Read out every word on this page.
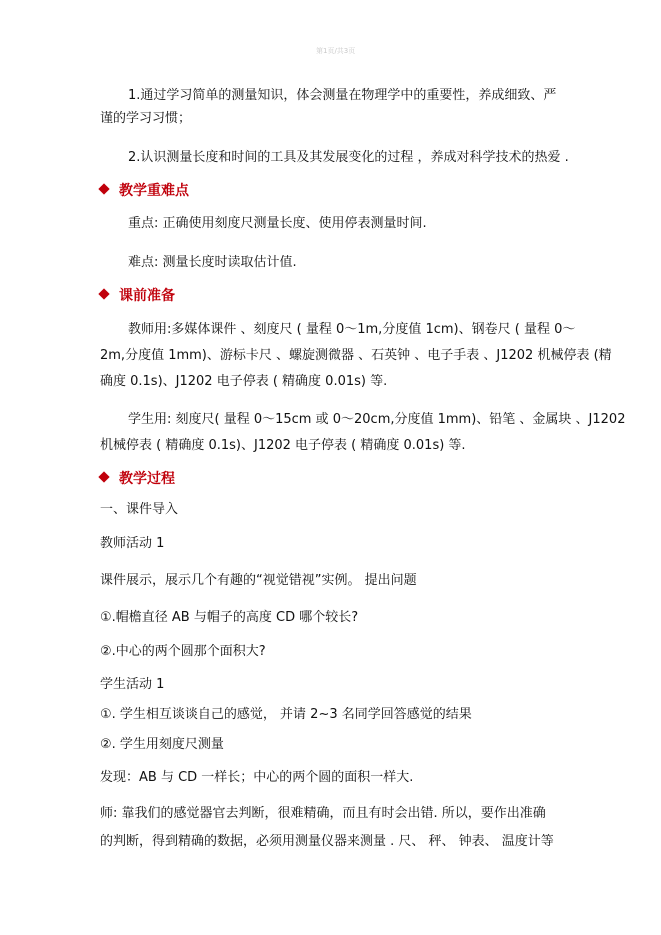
第1页/共3页
1.通过学习简单的测量知识，体会测量在物理学中的重要性，养成细致、严
谨的学习习惯；
2.认识测量长度和时间的工具及其发展变化的过程 ，养成对科学技术的热爱 .
教学重难点
重点: 正确使用刻度尺测量长度、使用停表测量时间.
难点: 测量长度时读取估计值.
课前准备
教师用:多媒体课件 、刻度尺 ( 量程 0～1m,分度值 1cm)、钢卷尺 ( 量程 0～
2m,分度值 1mm)、游标卡尺 、螺旋测微器 、石英钟 、电子手表 、J1202 机械停表 (精
确度 0.1s)、J1202 电子停表 ( 精确度 0.01s) 等.
学生用: 刻度尺( 量程 0～15cm 或 0～20cm,分度值 1mm)、铅笔 、金属块 、J1202
机械停表 ( 精确度 0.1s)、J1202 电子停表 ( 精确度 0.01s) 等.
教学过程
一、课件导入
教师活动 1
课件展示，展示几个有趣的“视觉错视”实例。 提出问题
①.帽檐直径 AB 与帽子的高度 CD 哪个较长?
②.中心的两个圆那个面积大?
学生活动 1
①. 学生相互谈谈自己的感觉， 并请 2~3 名同学回答感觉的结果
②. 学生用刻度尺测量
发现：AB 与 CD 一样长；中心的两个圆的面积一样大.
师: 靠我们的感觉器官去判断，很难精确，而且有时会出错. 所以，要作出准确
的判断，得到精确的数据，必须用测量仪器来测量 . 尺、 秤、 钟表、 温度计等
